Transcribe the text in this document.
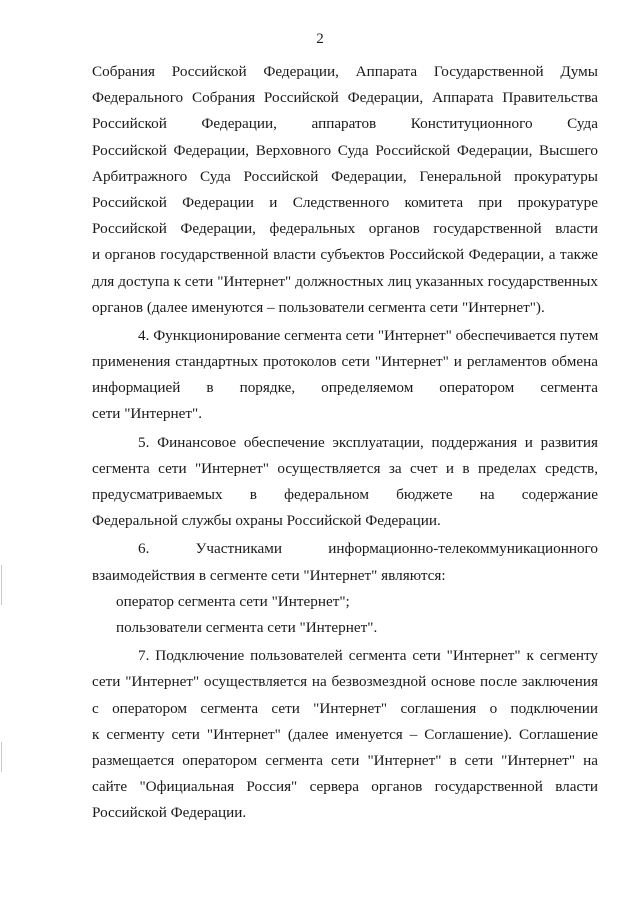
2
Собрания Российской Федерации, Аппарата Государственной Думы
Федерального Собрания Российской Федерации, Аппарата Правительства
Российской Федерации, аппаратов Конституционного Суда
Российской Федерации, Верховного Суда Российской Федерации, Высшего
Арбитражного Суда Российской Федерации, Генеральной прокуратуры
Российской Федерации и Следственного комитета при прокуратуре
Российской Федерации, федеральных органов государственной власти
и органов государственной власти субъектов Российской Федерации, а также
для доступа к сети "Интернет" должностных лиц указанных государственных
органов (далее именуются – пользователи сегмента сети "Интернет").
4. Функционирование сегмента сети "Интернет" обеспечивается путем
применения стандартных протоколов сети "Интернет" и регламентов обмена
информацией в порядке, определяемом оператором сегмента
сети "Интернет".
5. Финансовое обеспечение эксплуатации, поддержания и развития
сегмента сети "Интернет" осуществляется за счет и в пределах средств,
предусматриваемых в федеральном бюджете на содержание
Федеральной службы охраны Российской Федерации.
6. Участниками информационно-телекоммуникационного
взаимодействия в сегменте сети "Интернет" являются:
оператор сегмента сети "Интернет";
пользователи сегмента сети "Интернет".
7. Подключение пользователей сегмента сети "Интернет" к сегменту
сети "Интернет" осуществляется на безвозмездной основе после заключения
с оператором сегмента сети "Интернет" соглашения о подключении
к сегменту сети "Интернет" (далее именуется – Соглашение). Соглашение
размещается оператором сегмента сети "Интернет" в сети "Интернет" на
сайте "Официальная Россия" сервера органов государственной власти
Российской Федерации.
